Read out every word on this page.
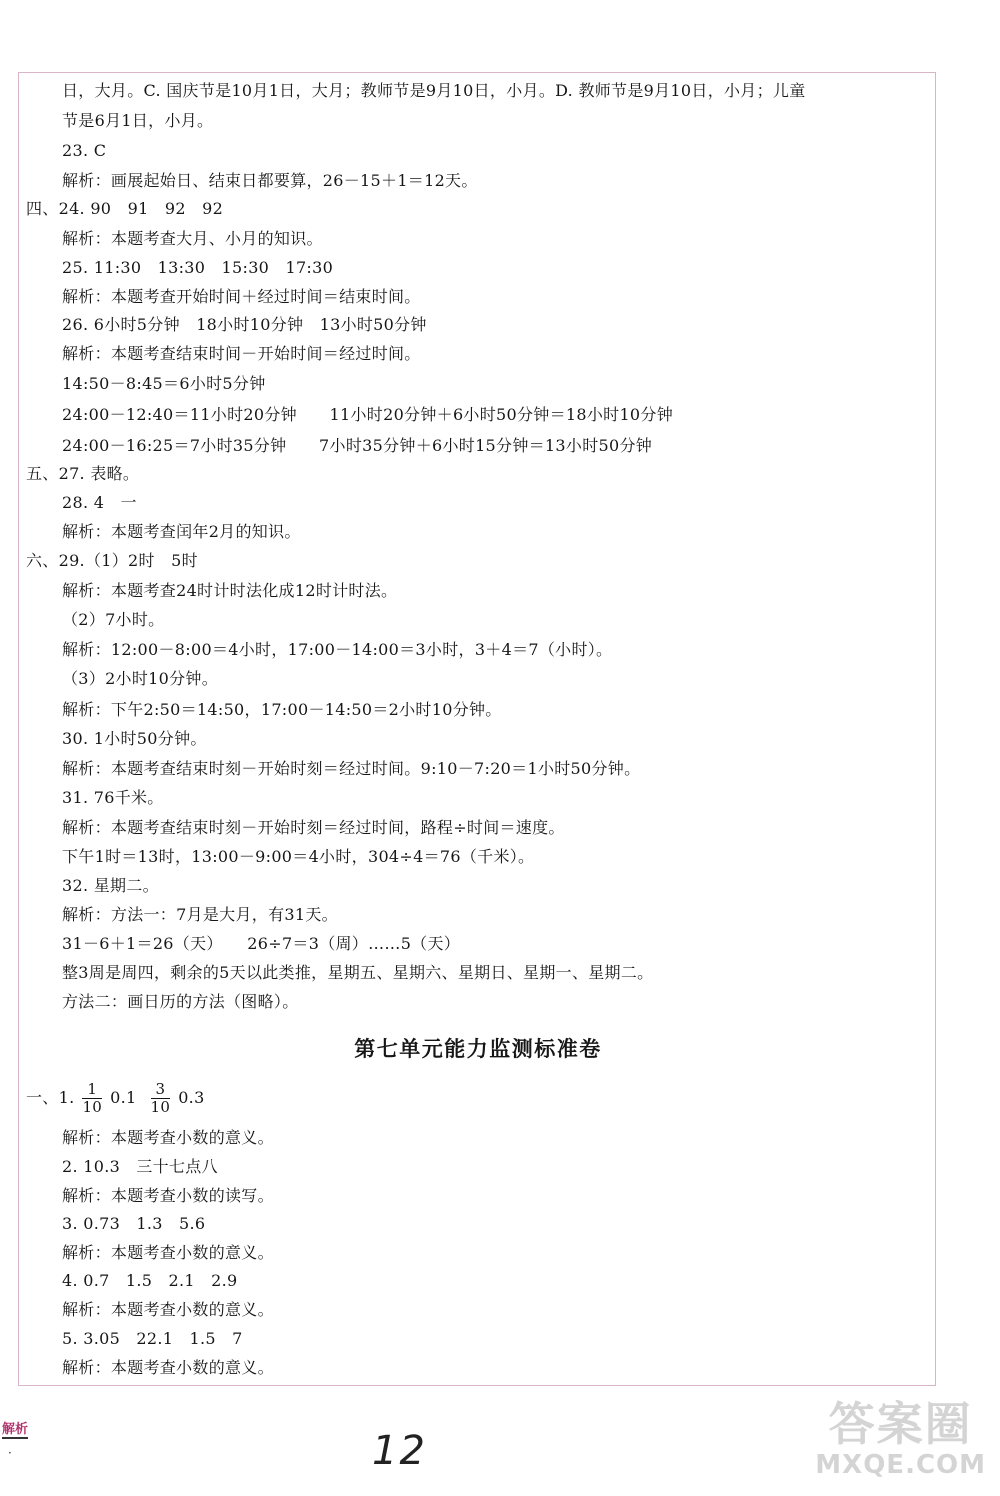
日，大月。C. 国庆节是10月1日，大月；教师节是9月10日，小月。D. 教师节是9月10日，小月；儿童
节是6月1日，小月。
23. C
解析：画展起始日、结束日都要算，26－15＋1＝12天。
四、24. 90　91　92　92
解析：本题考查大月、小月的知识。
25. 11:30　13:30　15:30　17:30
解析：本题考查开始时间＋经过时间＝结束时间。
26. 6小时5分钟　18小时10分钟　13小时50分钟
解析：本题考查结束时间－开始时间＝经过时间。
14:50－8:45＝6小时5分钟
24:00－12:40＝11小时20分钟　　11小时20分钟＋6小时50分钟＝18小时10分钟
24:00－16:25＝7小时35分钟　　7小时35分钟＋6小时15分钟＝13小时50分钟
五、27. 表略。
28. 4　一
解析：本题考查闰年2月的知识。
六、29.（1）2时　5时
解析：本题考查24时计时法化成12时计时法。
（2）7小时。
解析：12:00－8:00＝4小时，17:00－14:00＝3小时，3＋4＝7（小时）。
（3）2小时10分钟。
解析：下午2:50＝14:50，17:00－14:50＝2小时10分钟。
30. 1小时50分钟。
解析：本题考查结束时刻－开始时刻＝经过时间。9:10－7:20＝1小时50分钟。
31. 76千米。
解析：本题考查结束时刻－开始时刻＝经过时间，路程÷时间＝速度。
下午1时＝13时，13:00－9:00＝4小时，304÷4＝76（千米）。
32. 星期二。
解析：方法一：7月是大月，有31天。
31－6＋1＝26（天）　　26÷7＝3（周）……5（天）
整3周是周四，剩余的5天以此类推，星期五、星期六、星期日、星期一、星期二。
方法二：画日历的方法（图略）。
第七单元能力监测标准卷
一、1. $\frac{1}{10} 0.1 \frac{3}{10} 0.3$
解析：本题考查小数的意义。
2. 10.3　三十七点八
解析：本题考查小数的读写。
3. 0.73　1.3　5.6
解析：本题考查小数的意义。
4. 0.7　1.5　2.1　2.9
解析：本题考查小数的意义。
5. 3.05　22.1　1.5　7
解析：本题考查小数的意义。
解析
·	12	答案圈
MXQE.COM
